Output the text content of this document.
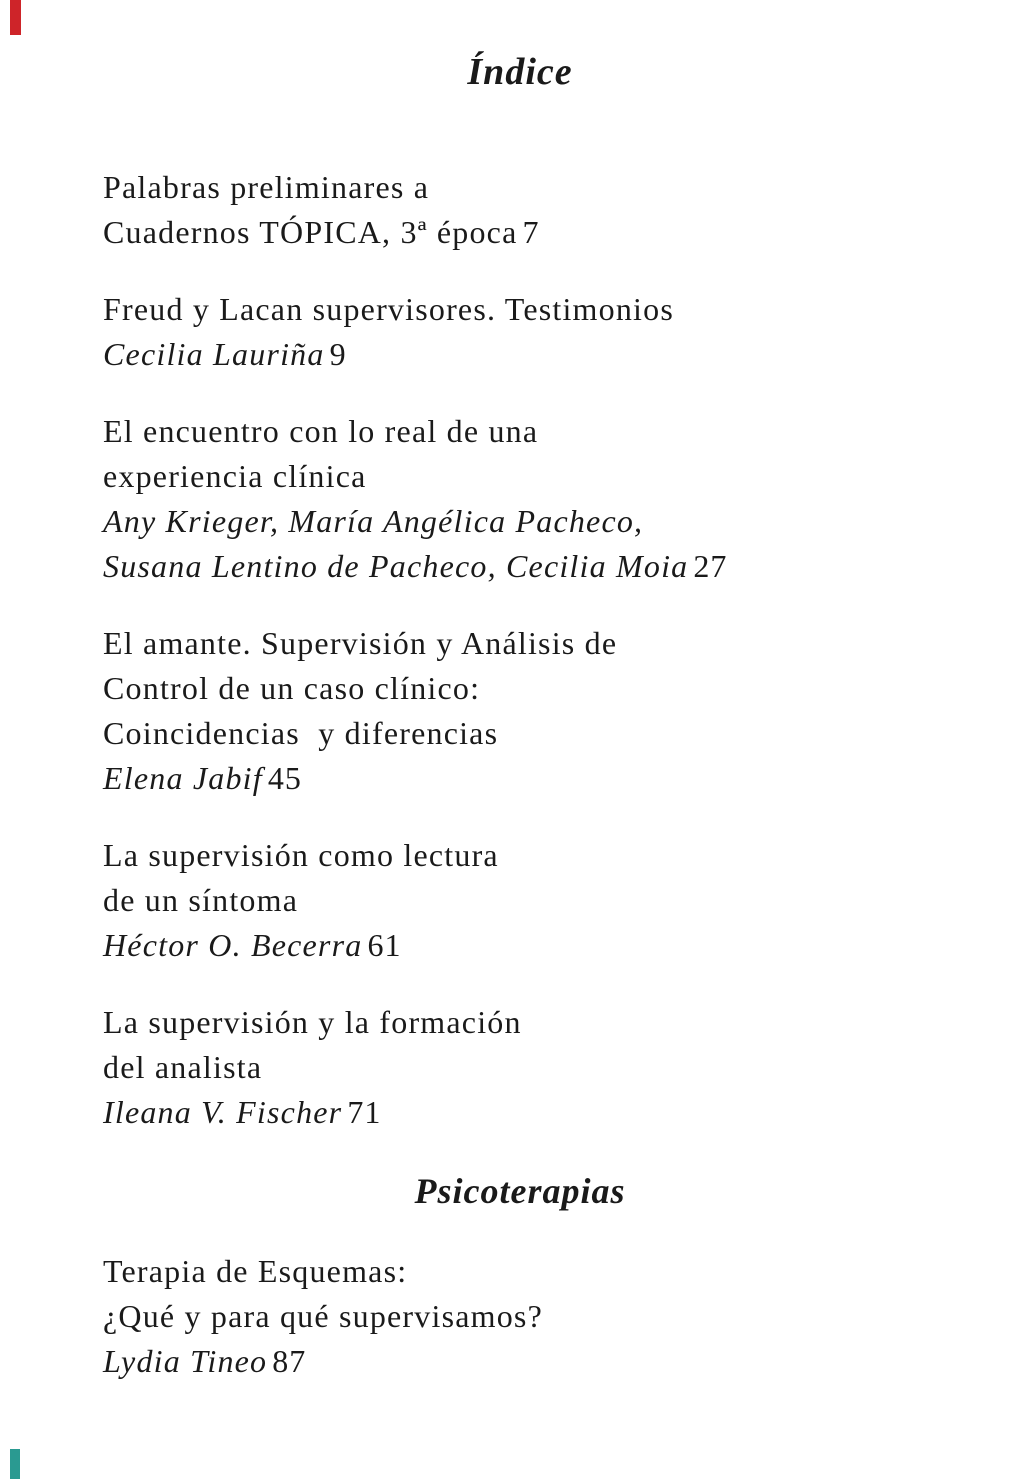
Índice
Palabras preliminares a
Cuadernos TÓPICA, 3ª época 7
Freud y Lacan supervisores. Testimonios
Cecilia Lauriña 9
El encuentro con lo real de una
experiencia clínica
Any Krieger, María Angélica Pacheco,
Susana Lentino de Pacheco, Cecilia Moia 27
El amante. Supervisión y Análisis de
Control de un caso clínico:
Coincidencias  y diferencias
Elena Jabif 45
La supervisión como lectura
de un síntoma
Héctor O. Becerra 61
La supervisión y la formación
del analista
Ileana V. Fischer 71
Psicoterapias
Terapia de Esquemas:
¿Qué y para qué supervisamos?
Lydia Tineo 87
